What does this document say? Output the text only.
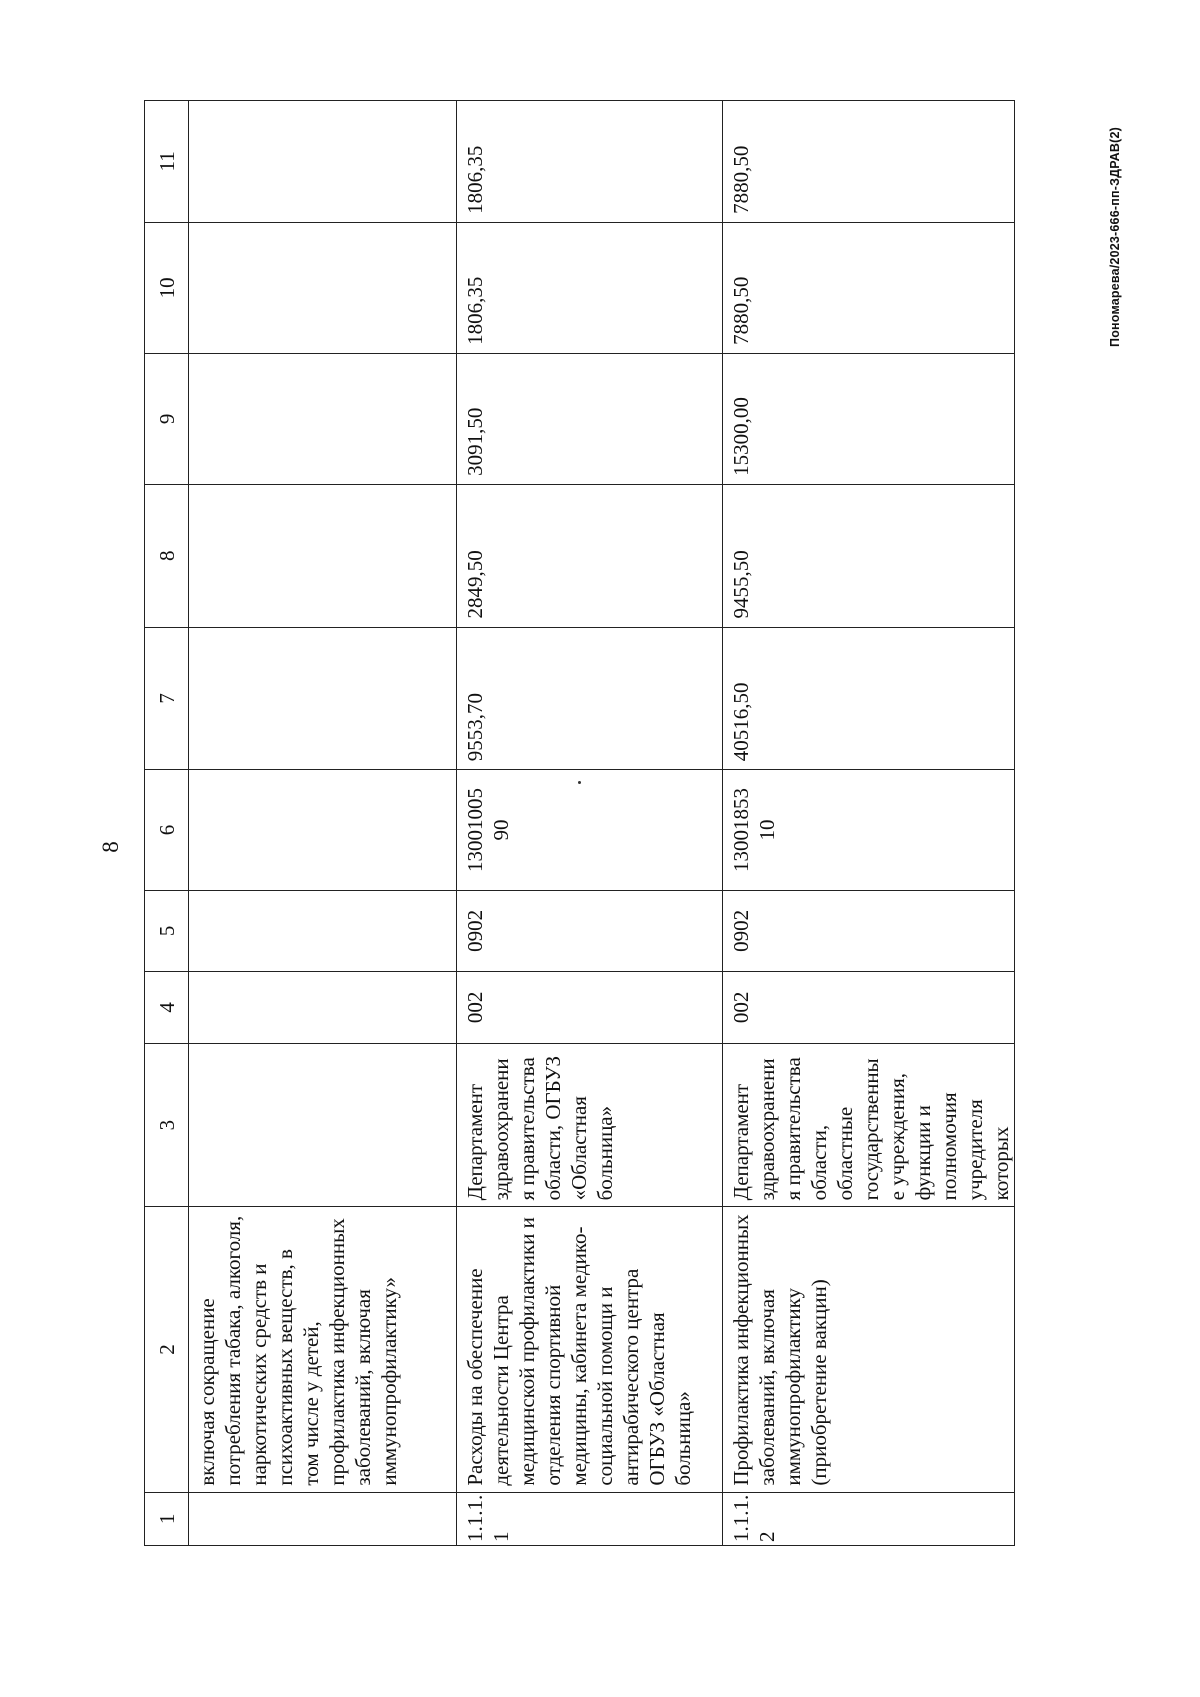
8
1	2	3	4	5	6	7	8	9	10	11
	включая сокращение потребления табака, алкоголя, наркотических средств и психоактивных веществ, в том числе у детей, профилактика инфекционных заболеваний, включая иммунопрофилактику»									
1.1.1.1	Расходы на обеспечение деятельности Центра медицинской профилактики и отделения спортивной медицины, кабинета медико-социальной помощи и антирабического центра ОГБУЗ «Областная больница»	Департамент здравоохранения правительства области, ОГБУЗ «Областная больница»	002	0902	13001005 90	9553,70	2849,50	3091,50	1806,35	1806,35
1.1.1.2	Профилактика инфекционных заболеваний, включая иммунопрофилактику (приобретение вакцин)	Департамент здравоохранения правительства области, областные государственные учреждения, функции и полномочия учредителя которых	002	0902	13001853 10	40516,50	9455,50	15300,00	7880,50	7880,50	Пономарева/2023-666-пп-ЗДРАВ(2)
